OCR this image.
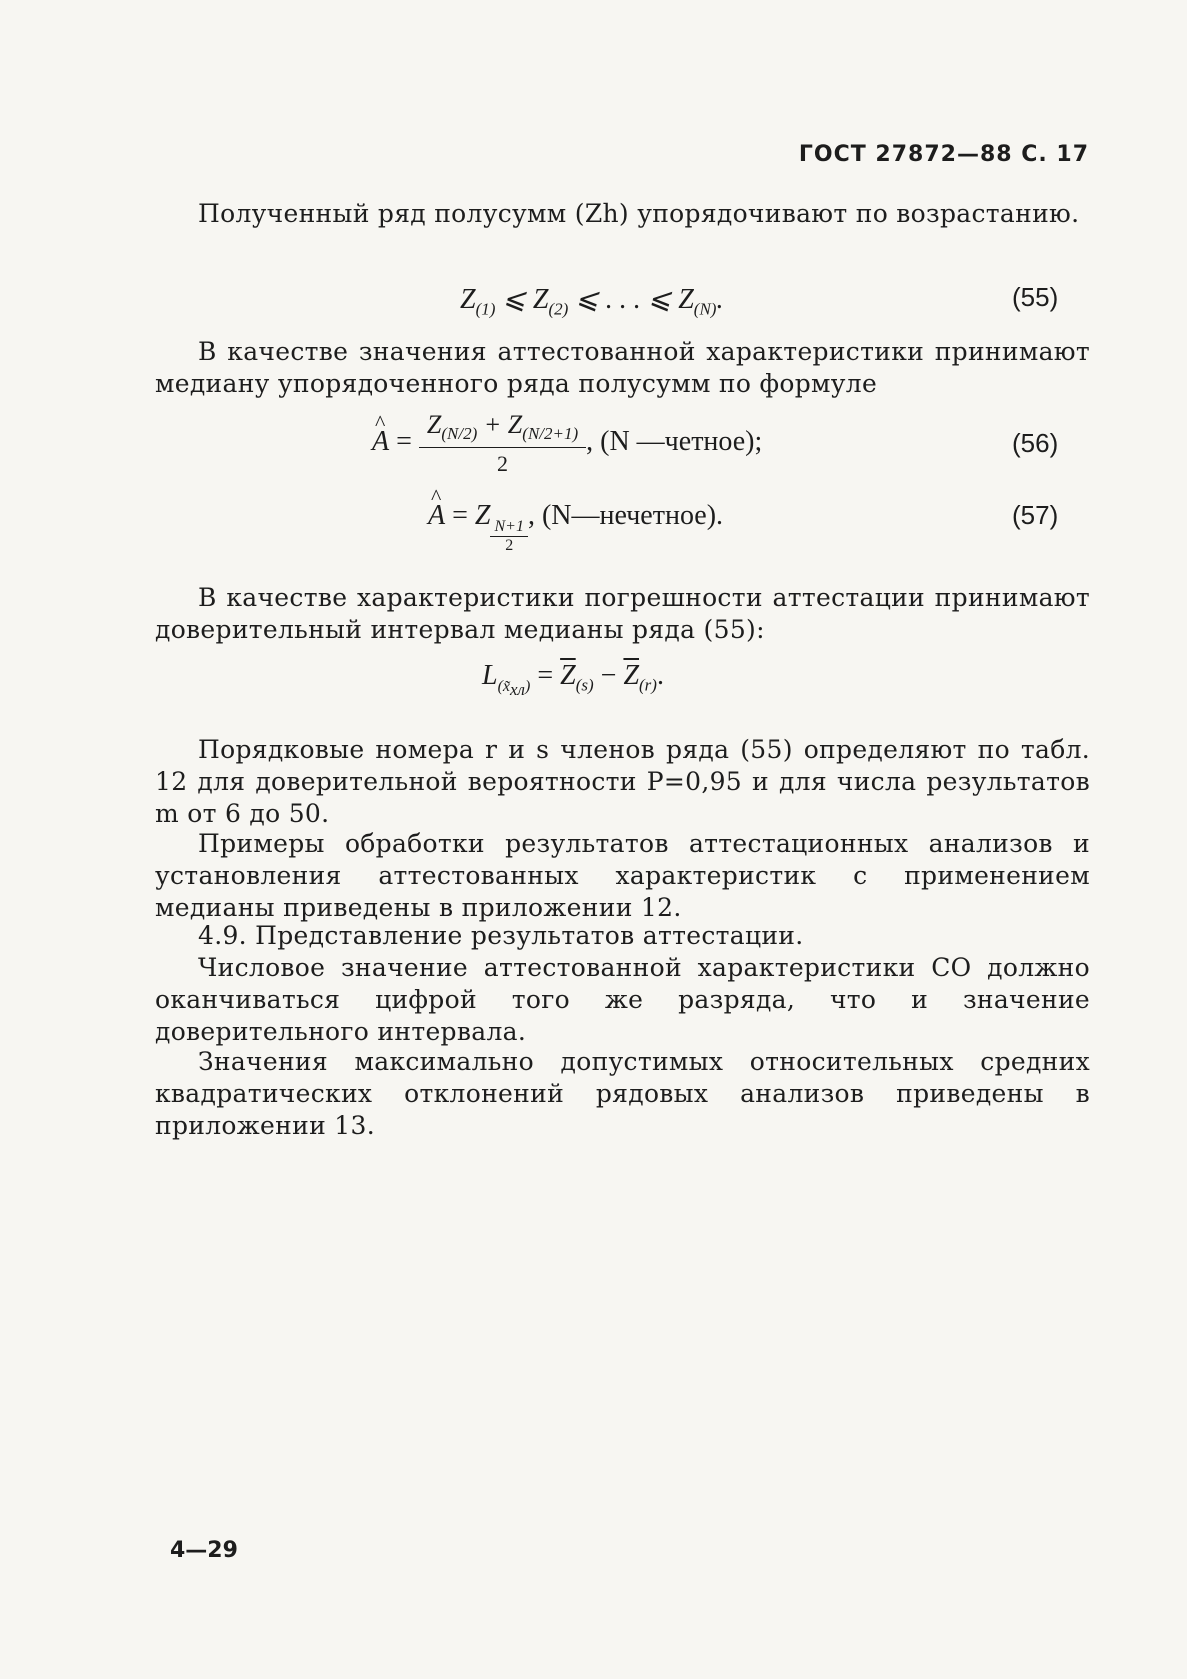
ГОСТ 27872—88 С. 17

Полученный ряд полусумм (Zh) упорядочивают по возрастанию.

$Z_{(1)}$ ⩽ $Z_{(2)}$ ⩽ . . . ⩽ $Z_{(N)}$.	(55)

В качестве значения аттестованной характеристики принимают медиану упорядоченного ряда полусумм по формуле

^ $A = \frac{Z_{(N/2)} + Z_{(N/2+1)}}{2}$ , (N —четное);	(56)
^ A = Z
$\frac{N+1}{2}$
, (N—нечетное).	(57)

В качестве характеристики погрешности аттестации принимают доверительный интервал медианы ряда (55):

$L_{(x̃_{хл})} = \overline{Z}_{(s)} - \overline{Z}_{(r)}$.

Порядковые номера r и s членов ряда (55) определяют по табл. 12 для доверительной вероятности P=0,95 и для числа результатов m от 6 до 50.

Примеры обработки результатов аттестационных анализов и установления аттестованных характеристик с применением медианы приведены в приложении 12.

4.9. Представление результатов аттестации.

Числовое значение аттестованной характеристики СО должно оканчиваться цифрой того же разряда, что и значение доверительного интервала.

Значения максимально допустимых относительных средних квадратических отклонений рядовых анализов приведены в приложении 13.

4—29
